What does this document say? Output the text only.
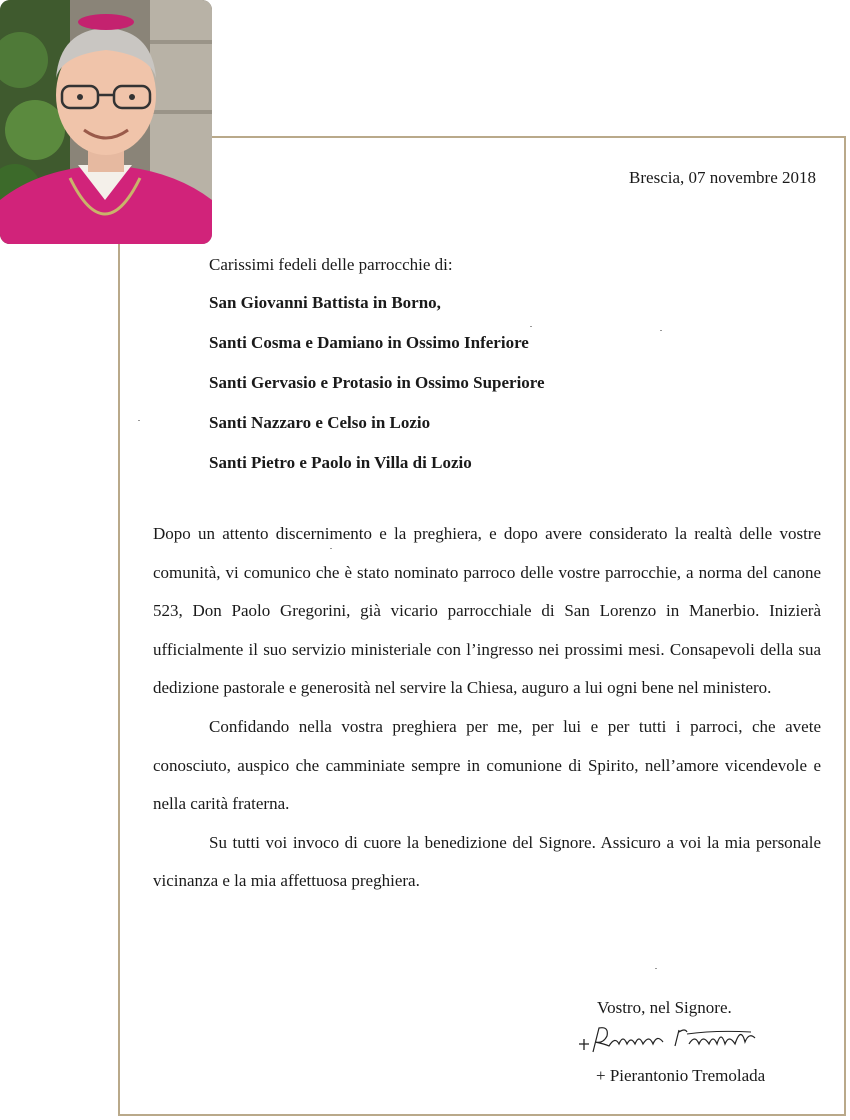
Brescia, 07 novembre 2018
Carissimi fedeli delle parrocchie di:
San Giovanni Battista in Borno,
Santi Cosma e Damiano in Ossimo Inferiore
Santi Gervasio e Protasio in Ossimo Superiore
Santi Nazzaro e Celso in Lozio
Santi Pietro e Paolo in Villa di Lozio

Dopo un attento discernimento e la preghiera, e dopo avere considerato la realtà delle vostre comunità, vi comunico che è stato nominato parroco delle vostre parrocchie, a norma del canone 523, Don Paolo Gregorini, già vicario parrocchiale di San Lorenzo in Manerbio. Inizierà ufficialmente il suo servizio ministeriale con l’ingresso nei prossimi mesi. Consapevoli della sua dedizione pastorale e generosità nel servire la Chiesa, auguro a lui ogni bene nel ministero.

Confidando nella vostra preghiera per me, per lui e per tutti i parroci, che avete conosciuto, auspico che camminiate sempre in comunione di Spirito, nell’amore vicendevole e nella carità fraterna.

Su tutti voi invoco di cuore la benedizione del Signore. Assicuro a voi la mia personale vicinanza e la mia affettuosa preghiera.

Vostro, nel Signore.
+ Pierantonio Tremolada
